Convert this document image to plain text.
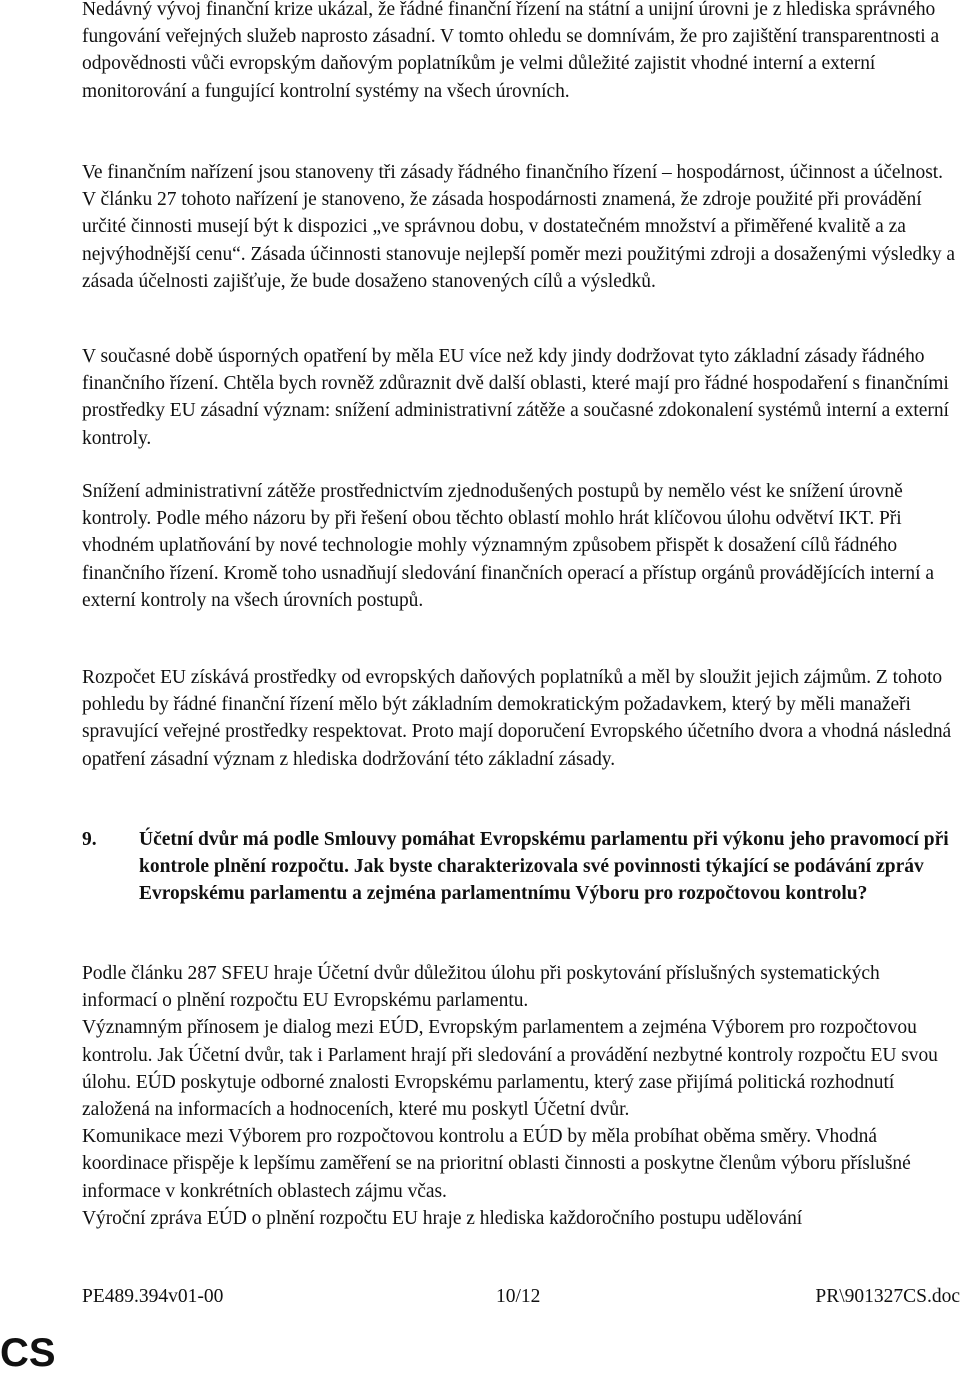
Nedávný vývoj finanční krize ukázal, že řádné finanční řízení na státní a unijní úrovni je z hlediska správného fungování veřejných služeb naprosto zásadní. V tomto ohledu se domnívám, že pro zajištění transparentnosti a odpovědnosti vůči evropským daňovým poplatníkům je velmi důležité zajistit vhodné interní a externí monitorování a fungující kontrolní systémy na všech úrovních.

Ve finančním nařízení jsou stanoveny tři zásady řádného finančního řízení – hospodárnost, účinnost a účelnost. V článku 27 tohoto nařízení je stanoveno, že zásada hospodárnosti znamená, že zdroje použité při provádění určité činnosti musejí být k dispozici „ve správnou dobu, v dostatečném množství a přiměřené kvalitě a za nejvýhodnější cenu“. Zásada účinnosti stanovuje nejlepší poměr mezi použitými zdroji a dosaženými výsledky a zásada účelnosti zajišťuje, že bude dosaženo stanovených cílů a výsledků.

V současné době úsporných opatření by měla EU více než kdy jindy dodržovat tyto základní zásady řádného finančního řízení. Chtěla bych rovněž zdůraznit dvě další oblasti, které mají pro řádné hospodaření s finančními prostředky EU zásadní význam: snížení administrativní zátěže a současné zdokonalení systémů interní a externí kontroly.

Snížení administrativní zátěže prostřednictvím zjednodušených postupů by nemělo vést ke snížení úrovně kontroly. Podle mého názoru by při řešení obou těchto oblastí mohlo hrát klíčovou úlohu odvětví IKT. Při vhodném uplatňování by nové technologie mohly významným způsobem přispět k dosažení cílů řádného finančního řízení. Kromě toho usnadňují sledování finančních operací a přístup orgánů provádějících interní a externí kontroly na všech úrovních postupů.

Rozpočet EU získává prostředky od evropských daňových poplatníků a měl by sloužit jejich zájmům. Z tohoto pohledu by řádné finanční řízení mělo být základním demokratickým požadavkem, který by měli manažeři spravující veřejné prostředky respektovat. Proto mají doporučení Evropského účetního dvora a vhodná následná opatření zásadní význam z hlediska dodržování této základní zásady.

9.	Účetní dvůr má podle Smlouvy pomáhat Evropskému parlamentu při výkonu jeho pravomocí při kontrole plnění rozpočtu. Jak byste charakterizovala své povinnosti týkající se podávání zpráv Evropskému parlamentu a zejména parlamentnímu Výboru pro rozpočtovou kontrolu?

Podle článku 287 SFEU hraje Účetní dvůr důležitou úlohu při poskytování příslušných systematických informací o plnění rozpočtu EU Evropskému parlamentu.

Významným přínosem je dialog mezi EÚD, Evropským parlamentem a zejména Výborem pro rozpočtovou kontrolu. Jak Účetní dvůr, tak i Parlament hrají při sledování a provádění nezbytné kontroly rozpočtu EU svou úlohu. EÚD poskytuje odborné znalosti Evropskému parlamentu, který zase přijímá politická rozhodnutí založená na informacích a hodnoceních, které mu poskytl Účetní dvůr.

Komunikace mezi Výborem pro rozpočtovou kontrolu a EÚD by měla probíhat oběma směry. Vhodná koordinace přispěje k lepšímu zaměření se na prioritní oblasti činnosti a poskytne členům výboru příslušné informace v konkrétních oblastech zájmu včas.

Výroční zpráva EÚD o plnění rozpočtu EU hraje z hlediska každoročního postupu udělování

PE489.394v01-00	10/12	PR\901327CS.doc
CS
